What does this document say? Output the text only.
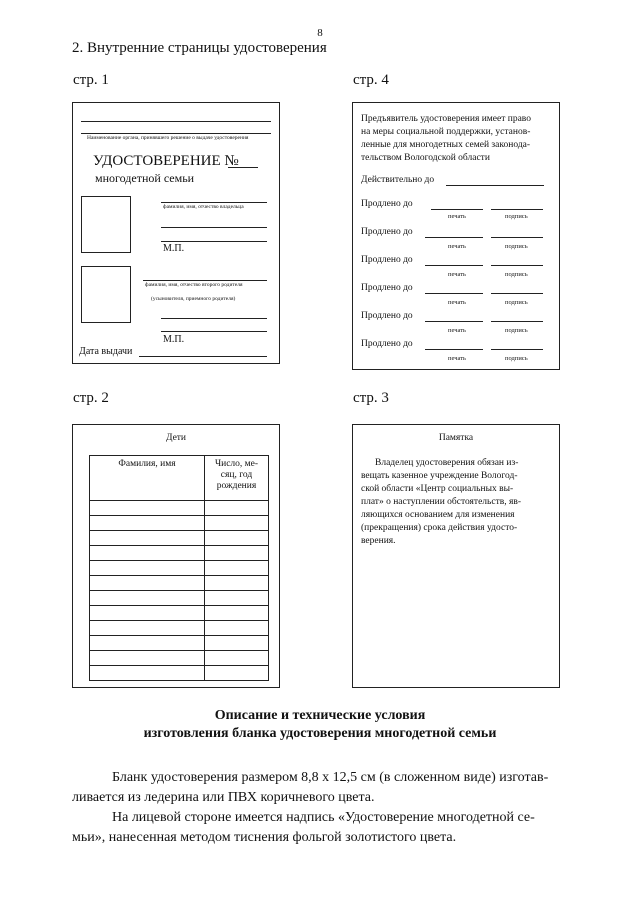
8
2. Внутренние страницы удостоверения
стр. 1
Наименование органа, принявшего решение о выдаче удостоверения
УДОСТОВЕРЕНИЕ №
многодетной семьи
фамилия, имя, отчество владельца
М.П.
фамилия, имя, отчество второго родителя
(усыновителя, приемного родителя)
М.П.
Дата выдачи
стр. 4
Предъявитель удостоверения имеет право
на меры социальной поддержки, установ-
ленные для многодетных семей законода-
тельством Вологодской области
Действительно до
Продлено до
печать	подпись
Продлено до
печать	подпись
Продлено до
печать	подпись
Продлено до
печать	подпись
Продлено до
печать	подпись
Продлено до
печать	подпись
стр. 2
Дети
Фамилия, имя	Число, ме-
сяц, год
рождения

стр. 3
Памятка
Владелец удостоверения обязан из-
вещать казенное учреждение Вологод-
ской области «Центр социальных вы-
плат» о наступлении обстоятельств, яв-
ляющихся основанием для изменения
(прекращения) срока действия удосто-
верения.
Описание и технические условия
изготовления бланка удостоверения многодетной семьи
Бланк удостоверения размером 8,8 х 12,5 см (в сложенном виде) изготав-
ливается из ледерина или ПВХ коричневого цвета.
На лицевой стороне имеется надпись «Удостоверение многодетной се-
мьи», нанесенная методом тиснения фольгой золотистого цвета.
